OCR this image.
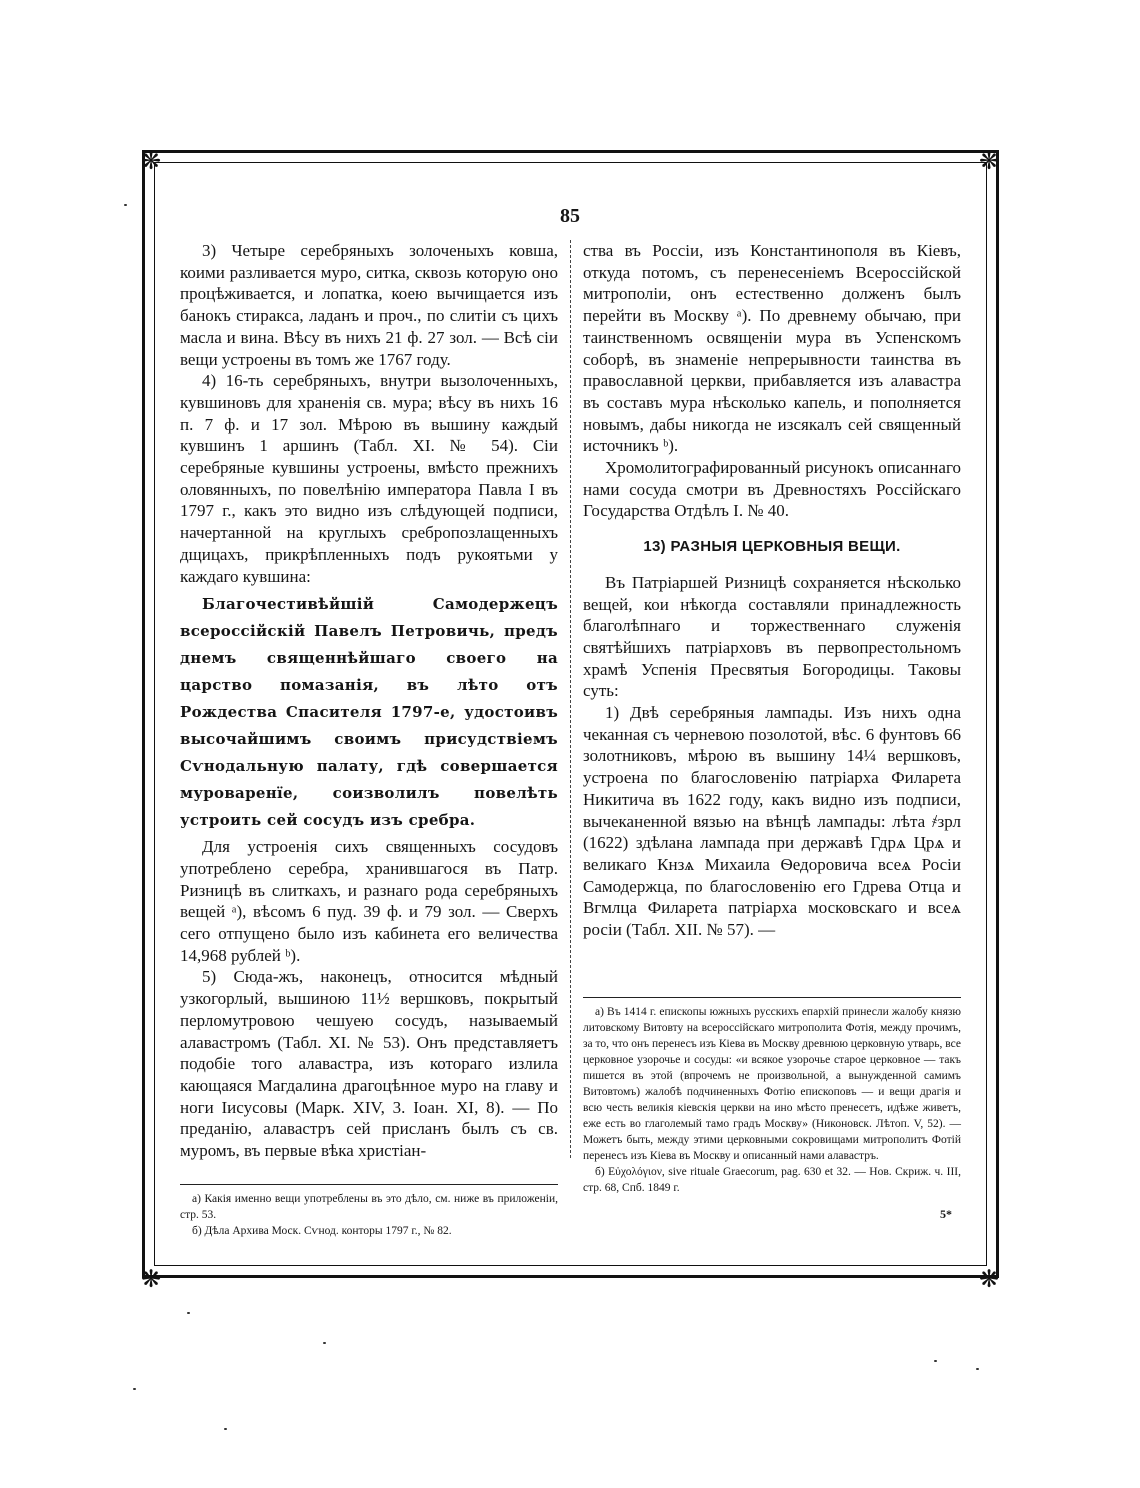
❋	❋
❋	❋
85

3) Четыре серебряныхъ золоченыхъ ковша, коими разливается муро, ситка, сквозь которую оно процѣживается, и лопатка, коею вычищается изъ банокъ стиракса, ладанъ и проч., по слитіи съ цихъ масла и вина. Вѣсу въ нихъ 21 ф. 27 зол. — Всѣ сіи вещи устроены въ томъ же 1767 году.

4) 16-ть серебряныхъ, внутри вызолоченныхъ, кувшиновъ для храненія св. мура; вѣсу въ нихъ 16 п. 7 ф. и 17 зол. Мѣрою въ вышину каждый кувшинъ 1 аршинъ (Табл. XI. № 54). Сіи серебряные кувшины устроены, вмѣсто прежнихъ оловянныхъ, по повелѣнію императора Павла I въ 1797 г., какъ это видно изъ слѣдующей подписи, начертанной на круглыхъ сребропозлащенныхъ дщицахъ, прикрѣпленныхъ подъ рукоятьми у каждаго кувшина:

Благочестивѣйшій Самодержецъ всероссійскій Павелъ Петровичь, предъ днемъ священнѣйшаго своего на царство помазанія, въ лѣто отъ Рождества Спасителя 1797-е, удостоивъ высочайшимъ своимъ присудствіемъ Сѵнодальную палату, гдѣ совершается муроваренїе, соизволилъ повелѣть устроить сей сосудъ изъ сребра.

Для устроенія сихъ священныхъ сосудовъ употреблено серебра, хранившагося въ Патр. Ризницѣ въ слиткахъ, и разнаго рода серебряныхъ вещей ᵃ), вѣсомъ 6 пуд. 39 ф. и 79 зол. — Сверхъ сего отпущено было изъ кабинета его величества 14,968 рублей ᵇ).

5) Сюда-жъ, наконецъ, относится мѣдный узкогорлый, вышиною 11½ вершковъ, покрытый перломутровою чешуею сосудъ, называемый алавастромъ (Табл. XI. № 53). Онъ представляетъ подобіе того алавастра, изъ котораго излила кающаяся Магдалина драгоцѣнное муро на главу и ноги Іисусовы (Марк. XIV, 3. Іоан. XI, 8). — По преданію, алавастръ сей присланъ былъ съ св. муромъ, въ первые вѣка христіан-

ства въ Россіи, изъ Константинополя въ Кіевъ, откуда потомъ, съ перенесеніемъ Всероссійской митрополіи, онъ естественно долженъ былъ перейти въ Москву ᵃ). По древнему обычаю, при таинственномъ освященіи мура въ Успенскомъ соборѣ, въ знаменіе непрерывности таинства въ православной церкви, прибавляется изъ алавастра въ составъ мура нѣсколько капель, и пополняется новымъ, дабы никогда не изсякалъ сей священный источникъ ᵇ).

Хромолитографированный рисунокъ описаннаго нами сосуда смотри въ Древностяхъ Россійскаго Государства Отдѣлъ I. № 40.

13) РАЗНЫЯ ЦЕРКОВНЫЯ ВЕЩИ.

Въ Патріаршей Ризницѣ сохраняется нѣсколько вещей, кои нѣкогда составляли принадлежность благолѣпнаго и торжественнаго служенія святѣйшихъ патріарховъ въ первопрестольномъ храмѣ Успенія Пресвятыя Богородицы. Таковы суть:

1) Двѣ серебряныя лампады. Изъ нихъ одна чеканная съ черневою позолотой, вѣс. 6 фунтовъ 66 золотниковъ, мѣрою въ вышину 14¼ вершковъ, устроена по благословенію патріарха Филарета Никитича въ 1622 году, какъ видно изъ подписи, вычеканенной вязью на вѣнцѣ лампады: лѣта ҂зрл (1622) здѣлана лампада при державѣ Гдрѧ Црѧ и великаго Кнзѧ Михаила Ѳедоровича всеѧ Росіи Самодержца, по благословенію его Гдрева Отца и Вгмлца Филарета патріарха московскаго и всеѧ росіи (Табл. XII. № 57). —

а) Какія именно вещи употреблены въ это дѣло, см. ниже въ приложеніи, стр. 53.

б) Дѣла Архива Моск. Сѵнод. конторы 1797 г., № 82.

а) Въ 1414 г. епископы южныхъ русскихъ епархій принесли жалобу князю литовскому Витовту на всероссійскаго митрополита Фотія, между прочимъ, за то, что онъ перенесъ изъ Кіева въ Москву древнюю церковную утварь, все церковное узорочье и сосуды: «и всякое узорочье старое церковное — такъ пишется въ этой (впрочемъ не произвольной, а вынужденной самимъ Витовтомъ) жалобѣ подчиненныхъ Фотію епископовъ — и вещи драгія и всю честь великія кіевскія церкви на ино мѣсто пренесетъ, идѣже живетъ, еже есть во глаголемый тамо градъ Москву» (Никоновск. Лѣтоп. V, 52). — Можетъ быть, между этими церковными сокровищами митрополитъ Фотій перенесъ изъ Кіева въ Москву и описанный нами алавастръ.

б) Εὐχολόγιον, sive rituale Graecorum, pag. 630 et 32. — Нов. Скриж. ч. III, стр. 68, Спб. 1849 г.

5*
